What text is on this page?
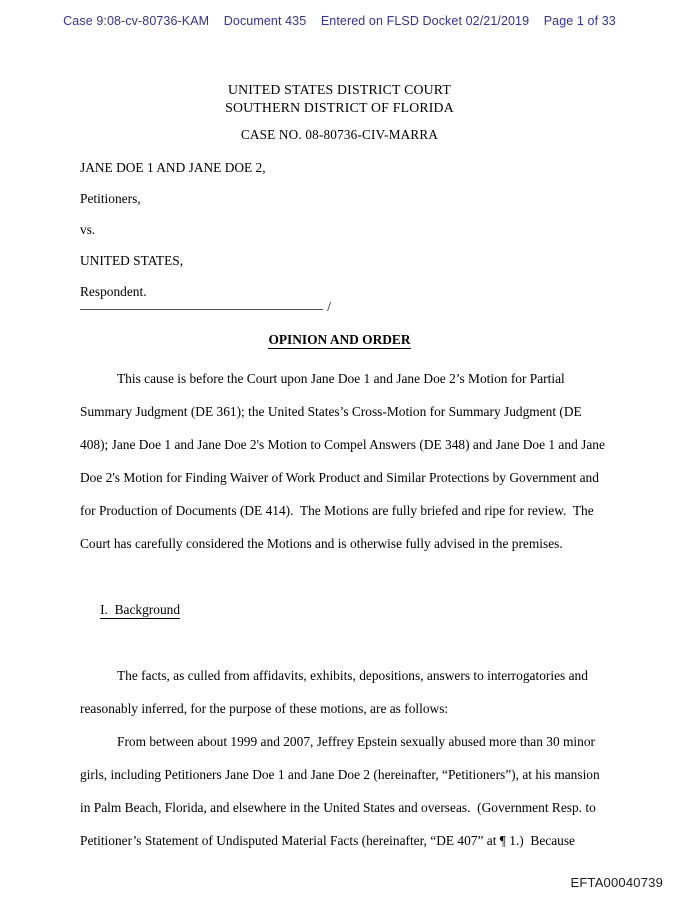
Case 9:08-cv-80736-KAM Document 435 Entered on FLSD Docket 02/21/2019 Page 1 of 33
UNITED STATES DISTRICT COURT
SOUTHERN DISTRICT OF FLORIDA
CASE NO. 08-80736-CIV-MARRA
JANE DOE 1 AND JANE DOE 2,
Petitioners,
vs.
UNITED STATES,
Respondent.
/
OPINION AND ORDER

This cause is before the Court upon Jane Doe 1 and Jane Doe 2’s Motion for Partial Summary Judgment (DE 361); the United States’s Cross-Motion for Summary Judgment (DE 408); Jane Doe 1 and Jane Doe 2's Motion to Compel Answers (DE 348) and Jane Doe 1 and Jane Doe 2's Motion for Finding Waiver of Work Product and Similar Protections by Government and for Production of Documents (DE 414).  The Motions are fully briefed and ripe for review.  The Court has carefully considered the Motions and is otherwise fully advised in the premises.

I.  Background

The facts, as culled from affidavits, exhibits, depositions, answers to interrogatories and reasonably inferred, for the purpose of these motions, are as follows:

From between about 1999 and 2007, Jeffrey Epstein sexually abused more than 30 minor girls, including Petitioners Jane Doe 1 and Jane Doe 2 (hereinafter, “Petitioners”), at his mansion in Palm Beach, Florida, and elsewhere in the United States and overseas.  (Government Resp. to Petitioner’s Statement of Undisputed Material Facts (hereinafter, “DE 407” at ¶ 1.)  Because

EFTA00040739
